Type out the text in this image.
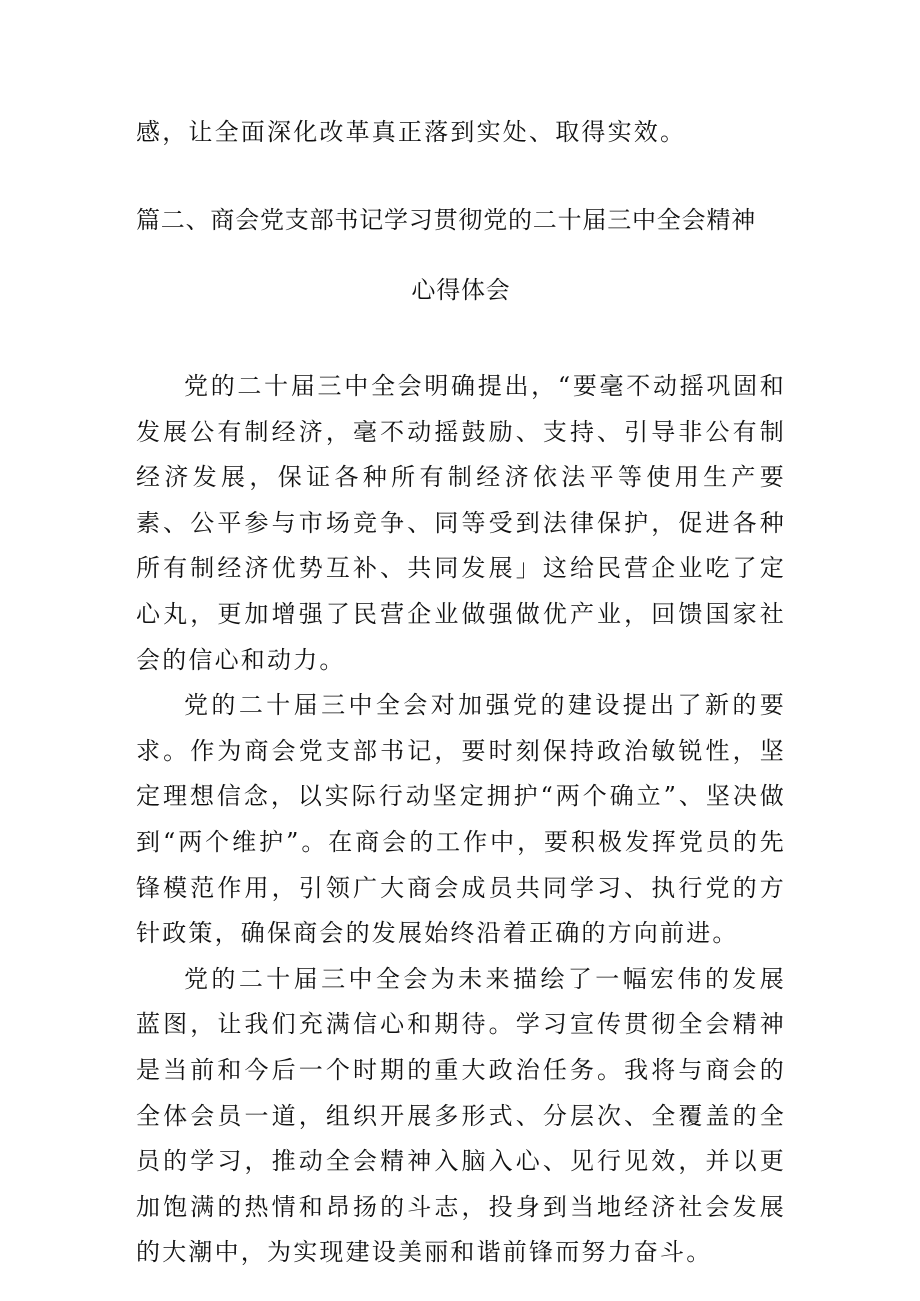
感，让全面深化改革真正落到实处、取得实效。

篇二、商会党支部书记学习贯彻党的二十届三中全会精神
心得体会

党的二十届三中全会明确提出，“要毫不动摇巩固和发展公有制经济，毫不动摇鼓励、支持、引导非公有制经济发展，保证各种所有制经济依法平等使用生产要素、公平参与市场竞争、同等受到法律保护，促进各种所有制经济优势互补、共同发展」这给民营企业吃了定心丸，更加增强了民营企业做强做优产业，回馈国家社会的信心和动力。

党的二十届三中全会对加强党的建设提出了新的要求。作为商会党支部书记，要时刻保持政治敏锐性，坚定理想信念，以实际行动坚定拥护“两个确立”、坚决做到“两个维护”。在商会的工作中，要积极发挥党员的先锋模范作用，引领广大商会成员共同学习、执行党的方针政策，确保商会的发展始终沿着正确的方向前进。

党的二十届三中全会为未来描绘了一幅宏伟的发展蓝图，让我们充满信心和期待。学习宣传贯彻全会精神是当前和今后一个时期的重大政治任务。我将与商会的全体会员一道，组织开展多形式、分层次、全覆盖的全员的学习，推动全会精神入脑入心、见行见效，并以更加饱满的热情和昂扬的斗志，投身到当地经济社会发展的大潮中，为实现建设美丽和谐前锋而努力奋斗。
